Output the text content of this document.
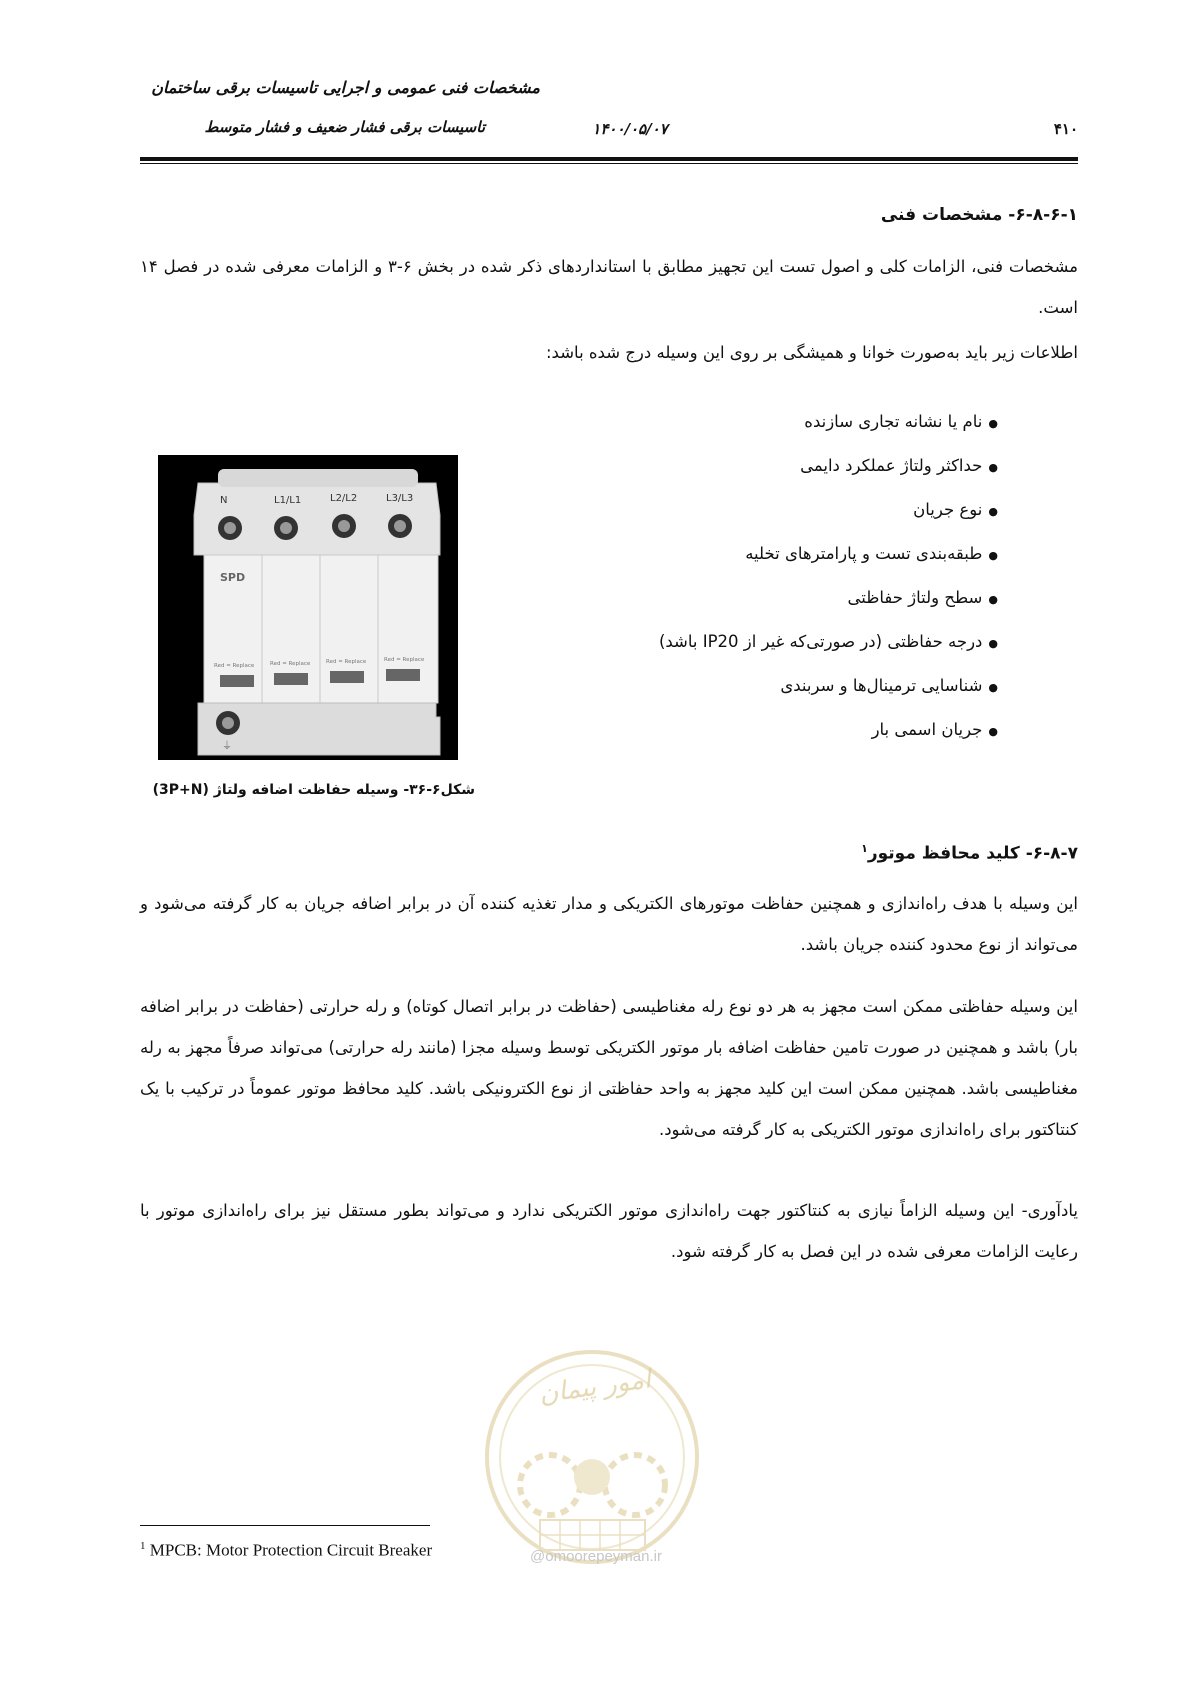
مشخصات فنی عمومی و اجرایی تاسیسات برقی ساختمان
تاسیسات برقی فشار ضعیف و فشار متوسط	۱۴۰۰/۰۵/۰۷	۴۱۰
۶-۸-۶-۱- مشخصات فنی
مشخصات فنی، الزامات کلی و اصول تست این تجهیز مطابق با استانداردهای ذکر شده در بخش ۶-۳ و الزامات معرفی شده در فصل ۱۴ است.
اطلاعات زیر باید به‌صورت خوانا و همیشگی بر روی این وسیله درج شده باشد:
● نام یا نشانه تجاری سازنده
● حداکثر ولتاژ عملکرد دایمی
● نوع جریان
● طبقه‌بندی تست و پارامترهای تخلیه
● سطح ولتاژ حفاظتی
● درجه حفاظتی (در صورتی‌که غیر از IP20 باشد)
● شناسایی ترمینال‌ها و سربندی
● جریان اسمی بار
N	L1/L1	L2/L2	L3/L3
SPD
Red = Replace	Red = Replace	Red = Replace	Red = Replace
⏚
شکل۶-۳۶- وسیله حفاظت اضافه ولتاژ (3P+N)
۶-۸-۷- کلید محافظ موتور$^۱$
این وسیله با هدف راه‌اندازی و همچنین حفاظت موتورهای الکتریکی و مدار تغذیه کننده آن در برابر اضافه جریان به کار گرفته می‌شود و می‌تواند از نوع محدود کننده جریان باشد.
این وسیله حفاظتی ممکن است مجهز به هر دو نوع رله مغناطیسی (حفاظت در برابر اتصال کوتاه) و رله حرارتی (حفاظت در برابر اضافه بار) باشد و همچنین در صورت تامین حفاظت اضافه بار موتور الکتریکی توسط وسیله مجزا (مانند رله حرارتی) می‌تواند صرفاً مجهز به رله مغناطیسی باشد. همچنین ممکن است این کلید مجهز به واحد حفاظتی از نوع الکترونیکی باشد. کلید محافظ موتور عموماً در ترکیب با یک کنتاکتور برای راه‌اندازی موتور الکتریکی به کار گرفته می‌شود.
یادآوری- این وسیله الزاماً نیازی به کنتاکتور جهت راه‌اندازی موتور الکتریکی ندارد و می‌تواند بطور مستقل نیز برای راه‌اندازی موتور با رعایت الزامات معرفی شده در این فصل به کار گرفته شود.
امور پیمان
@omoorepeyman.ir
$^1$ MPCB: Motor Protection Circuit Breaker
